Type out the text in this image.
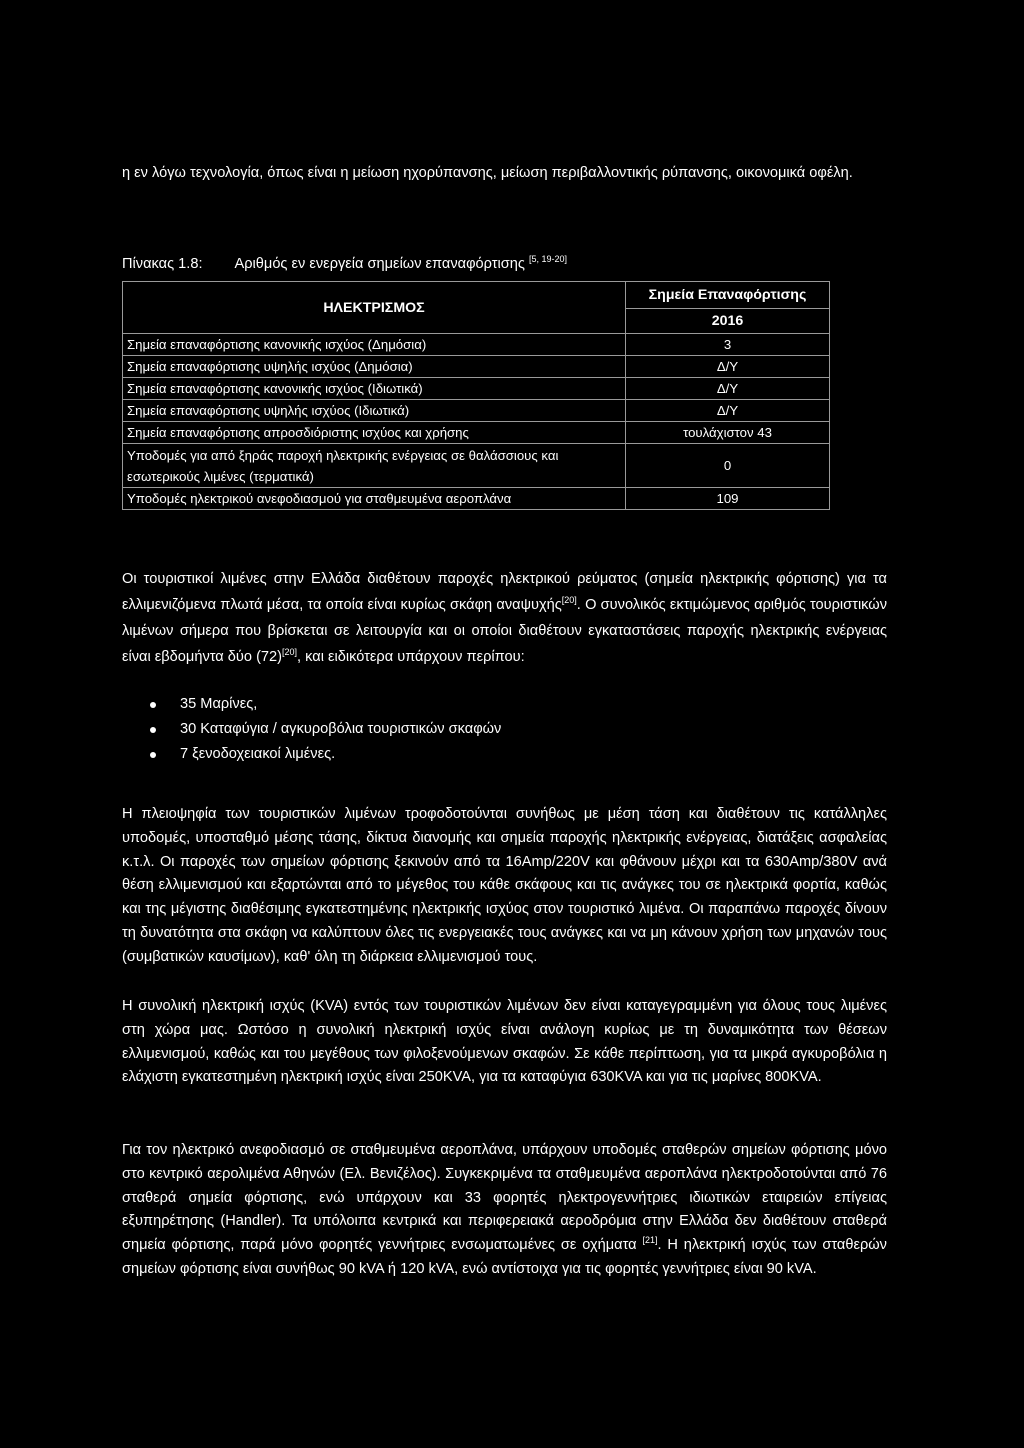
η εν λόγω τεχνολογία, όπως είναι η μείωση ηχορύπανσης, μείωση περιβαλλοντικής ρύπανσης, οικονομικά οφέλη.

Πίνακας 1.8: Αριθμός εν ενεργεία σημείων επαναφόρτισης [5, 19-20]
ΗΛΕΚΤΡΙΣΜΟΣ	Σημεία Επαναφόρτισης
	2016
Σημεία επαναφόρτισης κανονικής ισχύος (Δημόσια)	3
Σημεία επαναφόρτισης υψηλής ισχύος (Δημόσια)	Δ/Υ
Σημεία επαναφόρτισης κανονικής ισχύος (Ιδιωτικά)	Δ/Υ
Σημεία επαναφόρτισης υψηλής ισχύος (Ιδιωτικά)	Δ/Υ
Σημεία επαναφόρτισης απροσδιόριστης ισχύος και χρήσης	τουλάχιστον 43
Υποδομές για από ξηράς παροχή ηλεκτρικής ενέργειας σε θαλάσσιους και εσωτερικούς λιμένες (τερματικά)	0
Υποδομές ηλεκτρικού ανεφοδιασμού για σταθμευμένα αεροπλάνα	109

Οι τουριστικοί λιμένες στην Ελλάδα διαθέτουν παροχές ηλεκτρικού ρεύματος (σημεία ηλεκτρικής φόρτισης) για τα ελλιμενιζόμενα πλωτά μέσα, τα οποία είναι κυρίως σκάφη αναψυχής[20]. Ο συνολικός εκτιμώμενος αριθμός τουριστικών λιμένων σήμερα που βρίσκεται σε λειτουργία και οι οποίοι διαθέτουν εγκαταστάσεις παροχής ηλεκτρικής ενέργειας είναι εβδομήντα δύο (72)[20], και ειδικότερα υπάρχουν περίπου:

35 Μαρίνες,
30 Καταφύγια / αγκυροβόλια τουριστικών σκαφών
7 ξενοδοχειακοί λιμένες.

Η πλειοψηφία των τουριστικών λιμένων τροφοδοτούνται συνήθως με μέση τάση και διαθέτουν τις κατάλληλες υποδομές, υποσταθμό μέσης τάσης, δίκτυα διανομής και σημεία παροχής ηλεκτρικής ενέργειας, διατάξεις ασφαλείας κ.τ.λ. Οι παροχές των σημείων φόρτισης ξεκινούν από τα 16Amp/220V και φθάνουν μέχρι και τα 630Amp/380V ανά θέση ελλιμενισμού και εξαρτώνται από το μέγεθος του κάθε σκάφους και τις ανάγκες του σε ηλεκτρικά φορτία, καθώς και της μέγιστης διαθέσιμης εγκατεστημένης ηλεκτρικής ισχύος στον τουριστικό λιμένα. Οι παραπάνω παροχές δίνουν τη δυνατότητα στα σκάφη να καλύπτουν όλες τις ενεργειακές τους ανάγκες και να μη κάνουν χρήση των μηχανών τους (συμβατικών καυσίμων), καθ' όλη τη διάρκεια ελλιμενισμού τους.

Η συνολική ηλεκτρική ισχύς (KVA) εντός των τουριστικών λιμένων δεν είναι καταγεγραμμένη για όλους τους λιμένες στη χώρα μας. Ωστόσο η συνολική ηλεκτρική ισχύς είναι ανάλογη κυρίως με τη δυναμικότητα των θέσεων ελλιμενισμού, καθώς και του μεγέθους των φιλοξενούμενων σκαφών. Σε κάθε περίπτωση, για τα μικρά αγκυροβόλια η ελάχιστη εγκατεστημένη ηλεκτρική ισχύς είναι 250KVA, για τα καταφύγια 630KVA και για τις μαρίνες 800KVA.

Για τον ηλεκτρικό ανεφοδιασμό σε σταθμευμένα αεροπλάνα, υπάρχουν υποδομές σταθερών σημείων φόρτισης μόνο στο κεντρικό αερολιμένα Αθηνών (Ελ. Βενιζέλος). Συγκεκριμένα τα σταθμευμένα αεροπλάνα ηλεκτροδοτούνται από 76 σταθερά σημεία φόρτισης, ενώ υπάρχουν και 33 φορητές ηλεκτρογεννήτριες ιδιωτικών εταιρειών επίγειας εξυπηρέτησης (Handler). Τα υπόλοιπα κεντρικά και περιφερειακά αεροδρόμια στην Ελλάδα δεν διαθέτουν σταθερά σημεία φόρτισης, παρά μόνο φορητές γεννήτριες ενσωματωμένες σε οχήματα [21]. Η ηλεκτρική ισχύς των σταθερών σημείων φόρτισης είναι συνήθως 90 kVA ή 120 kVA, ενώ αντίστοιχα για τις φορητές γεννήτριες είναι 90 kVA.
